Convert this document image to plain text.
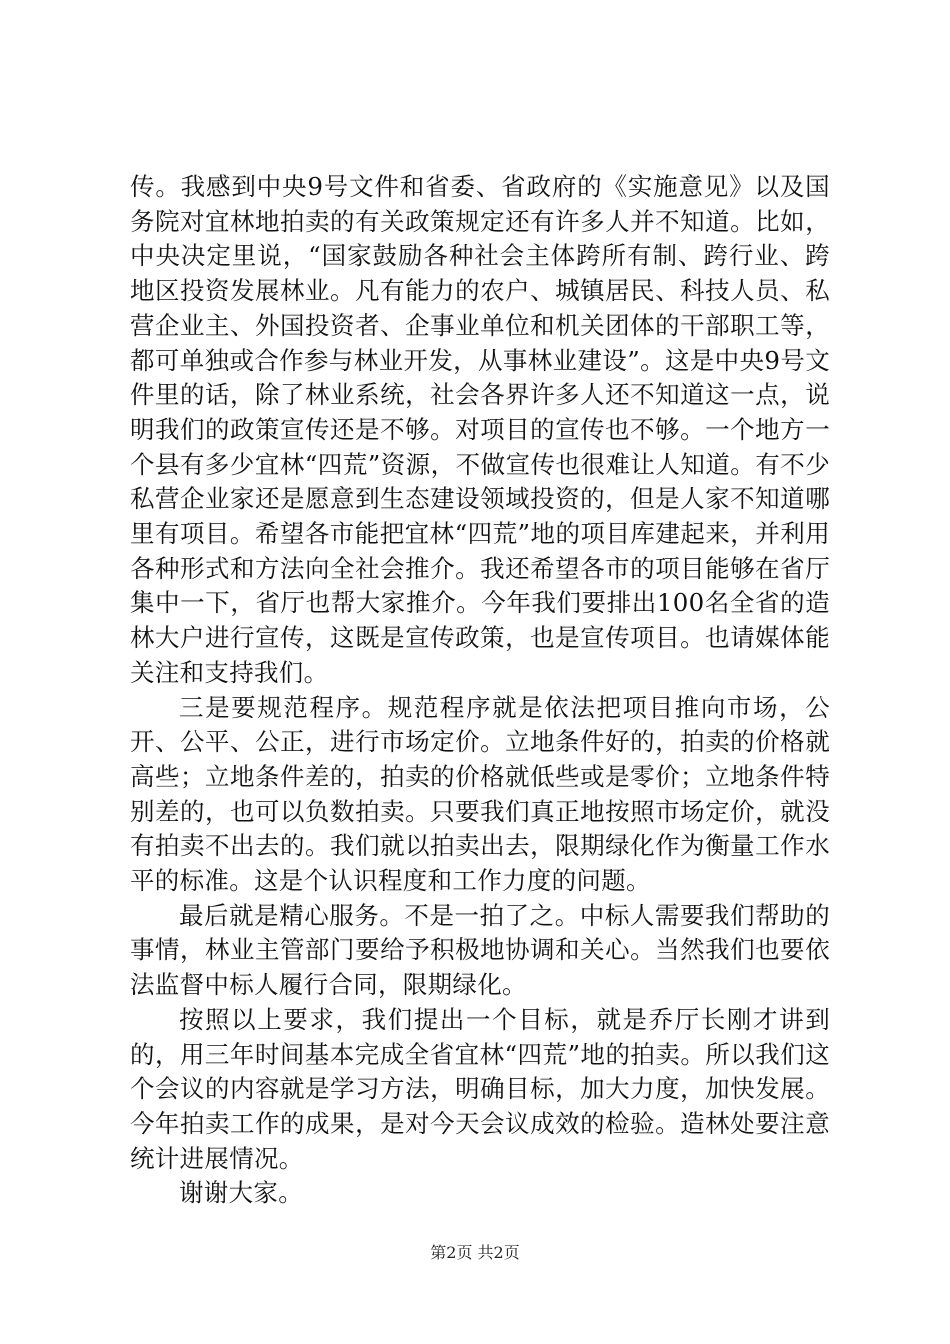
传。我感到中央9号文件和省委、省政府的《实施意见》以及国务院对宜林地拍卖的有关政策规定还有许多人并不知道。比如，中央决定里说，“国家鼓励各种社会主体跨所有制、跨行业、跨地区投资发展林业。凡有能力的农户、城镇居民、科技人员、私营企业主、外国投资者、企事业单位和机关团体的干部职工等，都可单独或合作参与林业开发，从事林业建设”。这是中央9号文件里的话，除了林业系统，社会各界许多人还不知道这一点，说明我们的政策宣传还是不够。对项目的宣传也不够。一个地方一个县有多少宜林“四荒”资源，不做宣传也很难让人知道。有不少私营企业家还是愿意到生态建设领域投资的，但是人家不知道哪里有项目。希望各市能把宜林“四荒”地的项目库建起来，并利用各种形式和方法向全社会推介。我还希望各市的项目能够在省厅集中一下，省厅也帮大家推介。今年我们要排出100名全省的造林大户进行宣传，这既是宣传政策，也是宣传项目。也请媒体能关注和支持我们。

三是要规范程序。规范程序就是依法把项目推向市场，公开、公平、公正，进行市场定价。立地条件好的，拍卖的价格就高些；立地条件差的，拍卖的价格就低些或是零价；立地条件特别差的，也可以负数拍卖。只要我们真正地按照市场定价，就没有拍卖不出去的。我们就以拍卖出去，限期绿化作为衡量工作水平的标准。这是个认识程度和工作力度的问题。

最后就是精心服务。不是一拍了之。中标人需要我们帮助的事情，林业主管部门要给予积极地协调和关心。当然我们也要依法监督中标人履行合同，限期绿化。

按照以上要求，我们提出一个目标，就是乔厅长刚才讲到的，用三年时间基本完成全省宜林“四荒”地的拍卖。所以我们这个会议的内容就是学习方法，明确目标，加大力度，加快发展。今年拍卖工作的成果，是对今天会议成效的检验。造林处要注意统计进展情况。

谢谢大家。

第2页 共2页
